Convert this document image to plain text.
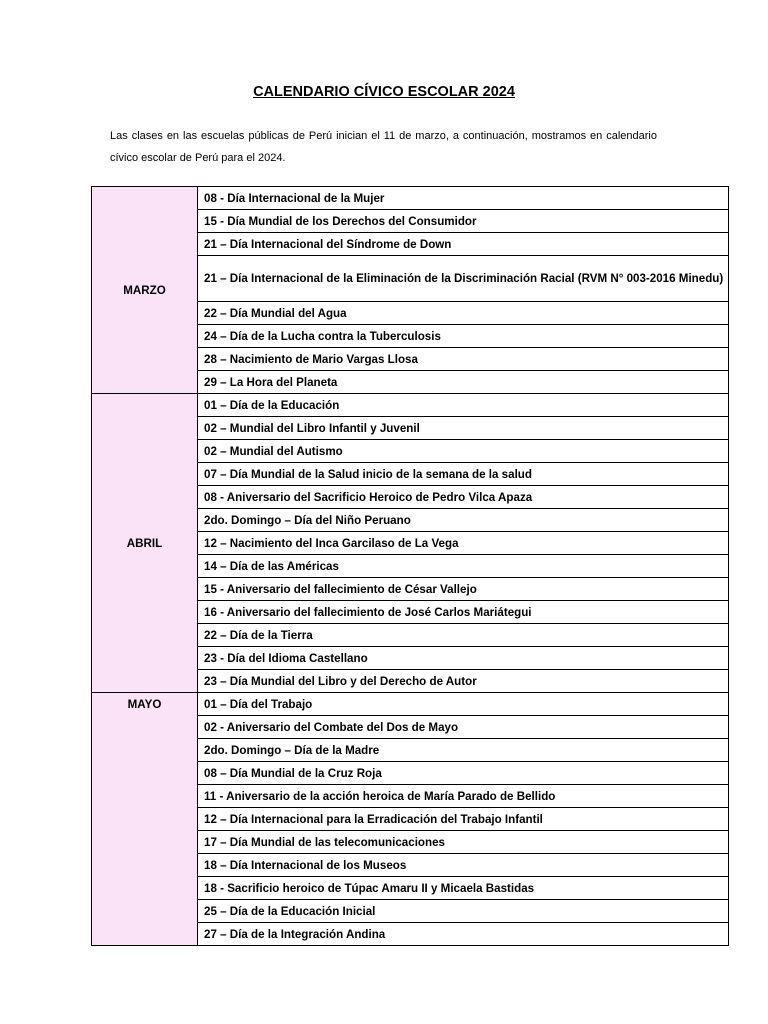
CALENDARIO CÍVICO ESCOLAR 2024
Las clases en las escuelas públicas de Perú inician el 11 de marzo, a continuación, mostramos en calendario cívico escolar de Perú para el 2024.
MARZO	08 - Día Internacional de la Mujer
	15 - Día Mundial de los Derechos del Consumidor
	21 – Día Internacional del Síndrome de Down
	21 – Día Internacional de la Eliminación de la Discriminación Racial (RVM N° 003-2016 Minedu)
	22 – Día Mundial del Agua
	24 – Día de la Lucha contra la Tuberculosis
	28 – Nacimiento de Mario Vargas Llosa
	29 – La Hora del Planeta
ABRIL	01 – Día de la Educación
	02 – Mundial del Libro Infantil y Juvenil
	02 – Mundial del Autismo
	07 – Día Mundial de la Salud inicio de la semana de la salud
	08 - Aniversario del Sacrificio Heroico de Pedro Vilca Apaza
	2do. Domingo – Día del Niño Peruano
	12 – Nacimiento del Inca Garcilaso de La Vega
	14 – Día de las Américas
	15 - Aniversario del fallecimiento de César Vallejo
	16 - Aniversario del fallecimiento de José Carlos Mariátegui
	22 – Día de la Tierra
	23 - Día del Idioma Castellano
	23 – Día Mundial del Libro y del Derecho de Autor
MAYO	01 – Día del Trabajo
	02 - Aniversario del Combate del Dos de Mayo
	2do. Domingo – Día de la Madre
	08 – Día Mundial de la Cruz Roja
	11 - Aniversario de la acción heroica de María Parado de Bellido
	12 – Día Internacional para la Erradicación del Trabajo Infantil
	17 – Día Mundial de las telecomunicaciones
	18 – Día Internacional de los Museos
	18 - Sacrificio heroico de Túpac Amaru II y Micaela Bastidas
	25 – Día de la Educación Inicial
	27 – Día de la Integración Andina
